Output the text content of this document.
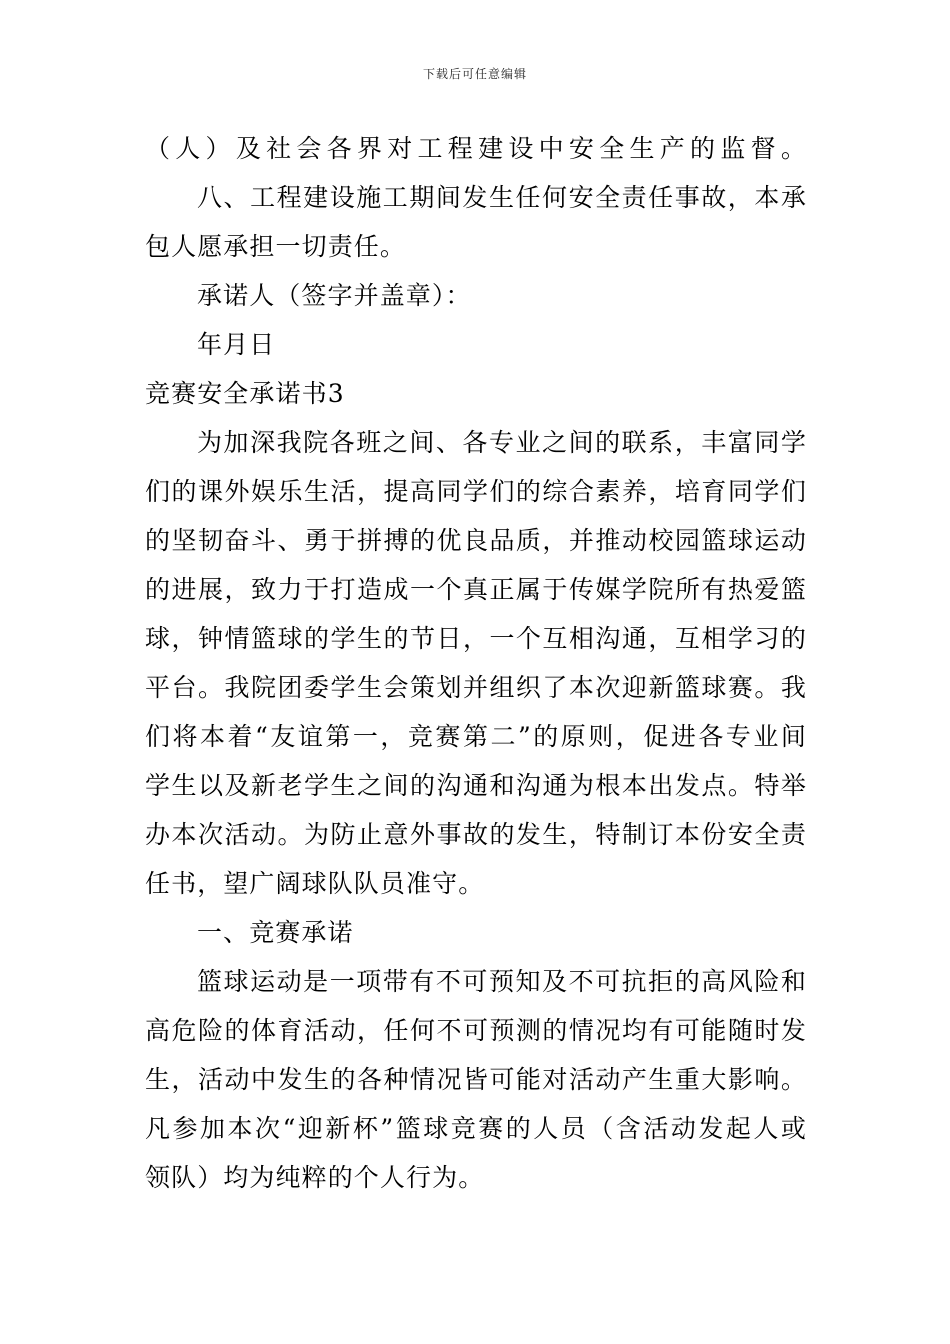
下载后可任意编辑
（人）及社会各界对工程建设中安全生产的监督。
八、工程建设施工期间发生任何安全责任事故，本承
包人愿承担一切责任。
承诺人（签字并盖章）：
年月日
竞赛安全承诺书3
为加深我院各班之间、各专业之间的联系，丰富同学
们的课外娱乐生活，提高同学们的综合素养，培育同学们
的坚韧奋斗、勇于拼搏的优良品质，并推动校园篮球运动
的进展，致力于打造成一个真正属于传媒学院所有热爱篮
球，钟情篮球的学生的节日，一个互相沟通，互相学习的
平台。我院团委学生会策划并组织了本次迎新篮球赛。我
们将本着“友谊第一，竞赛第二”的原则，促进各专业间
学生以及新老学生之间的沟通和沟通为根本出发点。特举
办本次活动。为防止意外事故的发生，特制订本份安全责
任书，望广阔球队队员准守。
一、竞赛承诺
篮球运动是一项带有不可预知及不可抗拒的高风险和
高危险的体育活动，任何不可预测的情况均有可能随时发
生，活动中发生的各种情况皆可能对活动产生重大影响。
凡参加本次“迎新杯”篮球竞赛的人员（含活动发起人或
领队）均为纯粹的个人行为。
